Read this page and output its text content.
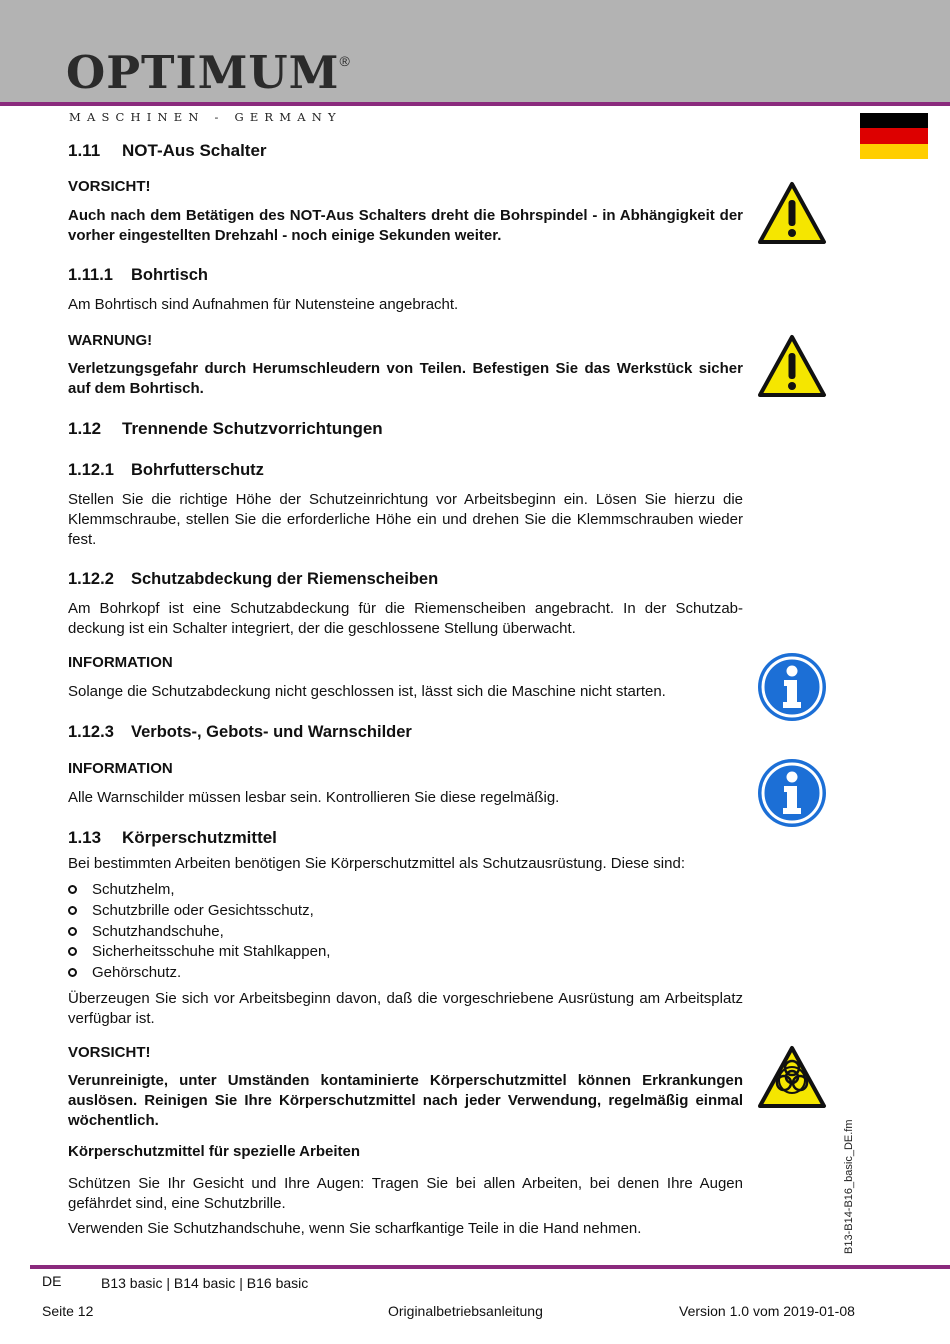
OPTIMUM®
MASCHINEN - GERMANY

1.11 NOT-Aus Schalter

VORSICHT!

Auch nach dem Betätigen des NOT-Aus Schalters dreht die Bohrspindel - in Abhängigkeit der vorher eingestellten Drehzahl - noch einige Sekunden weiter.

1.11.1 Bohrtisch

Am Bohrtisch sind Aufnahmen für Nutensteine angebracht.

WARNUNG!

Verletzungsgefahr durch Herumschleudern von Teilen. Befestigen Sie das Werkstück sicher auf dem Bohrtisch.

1.12 Trennende Schutzvorrichtungen

1.12.1 Bohrfutterschutz

Stellen Sie die richtige Höhe der Schutzeinrichtung vor Arbeitsbeginn ein. Lösen Sie hierzu die Klemmschraube, stellen Sie die erforderliche Höhe ein und drehen Sie die Klemmschrauben wieder fest.

1.12.2 Schutzabdeckung der Riemenscheiben

Am Bohrkopf ist eine Schutzabdeckung für die Riemenscheiben angebracht. In der Schutzab-deckung ist ein Schalter integriert, der die geschlossene Stellung überwacht.

INFORMATION

Solange die Schutzabdeckung nicht geschlossen ist, lässt sich die Maschine nicht starten.

1.12.3 Verbots-, Gebots- und Warnschilder

INFORMATION

Alle Warnschilder müssen lesbar sein. Kontrollieren Sie diese regelmäßig.

1.13 Körperschutzmittel

Bei bestimmten Arbeiten benötigen Sie Körperschutzmittel als Schutzausrüstung. Diese sind:

Schutzhelm,
Schutzbrille oder Gesichtsschutz,
Schutzhandschuhe,
Sicherheitsschuhe mit Stahlkappen,
Gehörschutz.

Überzeugen Sie sich vor Arbeitsbeginn davon, daß die vorgeschriebene Ausrüstung am Arbeitsplatz verfügbar ist.

VORSICHT!

Verunreinigte, unter Umständen kontaminierte Körperschutzmittel können Erkrankungen auslösen. Reinigen Sie Ihre Körperschutzmittel nach jeder Verwendung, regelmäßig einmal wöchentlich.

Körperschutzmittel für spezielle Arbeiten

Schützen Sie Ihr Gesicht und Ihre Augen: Tragen Sie bei allen Arbeiten, bei denen Ihre Augen gefährdet sind, eine Schutzbrille.

Verwenden Sie Schutzhandschuhe, wenn Sie scharfkantige Teile in die Hand nehmen.	B13-B14-B16_basic_DE.fm
DE	B13 basic | B14 basic | B16 basic
Seite 12	Originalbetriebsanleitung	Version 1.0 vom 2019-01-08
